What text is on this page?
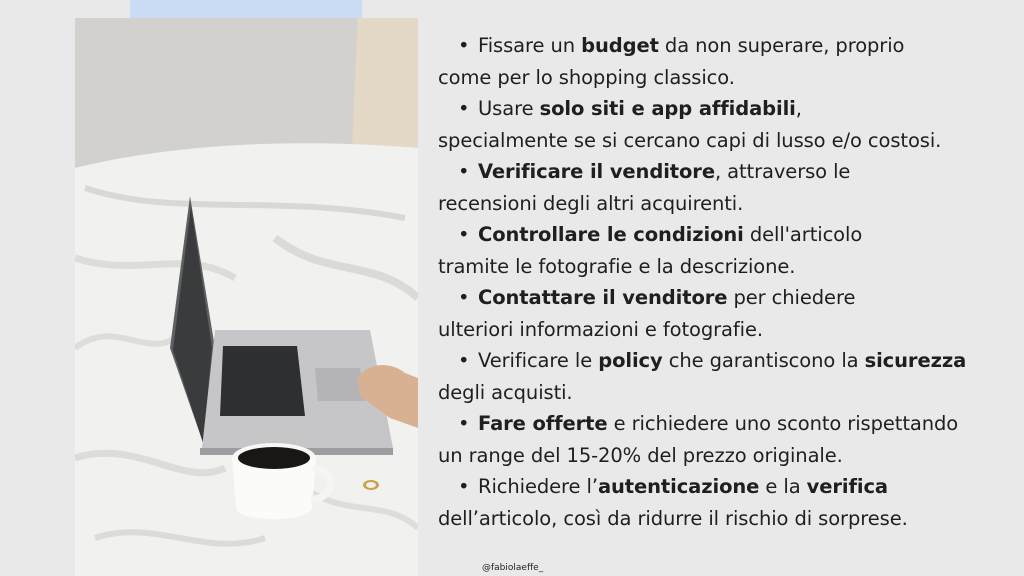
• Fissare un budget da non superare, proprio
come per lo shopping classico.
• Usare solo siti e app affidabili,
specialmente se si cercano capi di lusso e/o costosi.
• Verificare il venditore, attraverso le
recensioni degli altri acquirenti.
• Controllare le condizioni dell'articolo
tramite le fotografie e la descrizione.
• Contattare il venditore per chiedere
ulteriori informazioni e fotografie.
• Verificare le policy che garantiscono la sicurezza
degli acquisti.
• Fare offerte e richiedere uno sconto rispettando
un range del 15-20% del prezzo originale.
• Richiedere l’autenticazione e la verifica
dell’articolo, così da ridurre il rischio di sorprese.
@fabiolaeffe_
